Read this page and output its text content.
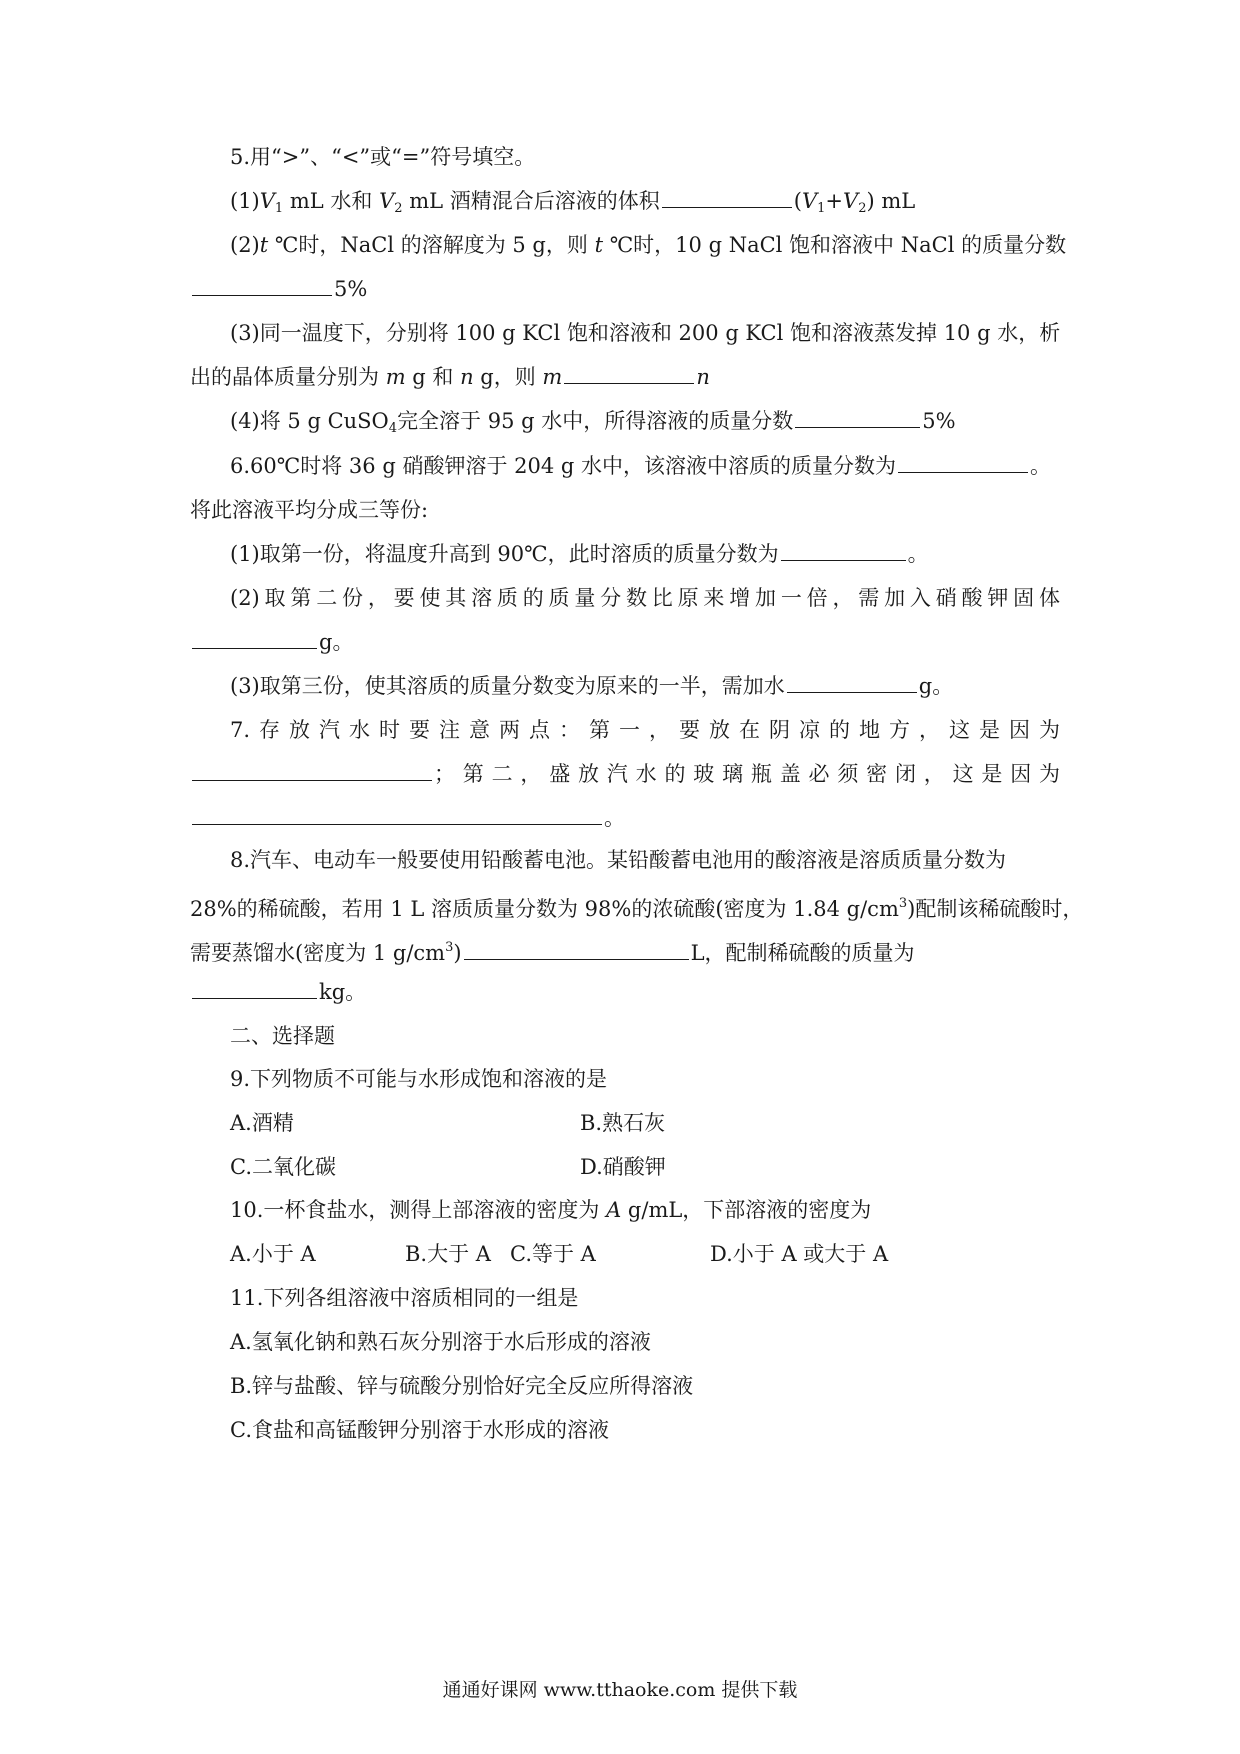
5.用“>”、“<”或“=”符号填空。
$(1)V_1$ mL 水和 $V_2$ mL 酒精混合后溶液的体积	$(V_1+V_2)$ mL
(2)t ℃时，NaCl 的溶解度为 5 g，则 t ℃时，10 g NaCl 饱和溶液中 NaCl 的质量分数
5%
(3)同一温度下，分别将 100 g KCl 饱和溶液和 200 g KCl 饱和溶液蒸发掉 10 g 水，析
出的晶体质量分别为 m g 和 n g，则 m	n
(4)将 5 g CuSO$_4$完全溶于 95 g 水中，所得溶液的质量分数	5%
6.60℃时将 36 g 硝酸钾溶于 204 g 水中，该溶液中溶质的质量分数为	。
将此溶液平均分成三等份:
(1)取第一份，将温度升高到 90℃，此时溶质的质量分数为	。
(2)取第二份，要使其溶质的质量分数比原来增加一倍，需加入硝酸钾固体
g。
(3)取第三份，使其溶质的质量分数变为原来的一半，需加水	g。
7.存放汽水时要注意两点：第一，要放在阴凉的地方，这是因为
；第二，盛放汽水的玻璃瓶盖必须密闭，这是因为
。
8.汽车、电动车一般要使用铅酸蓄电池。某铅酸蓄电池用的酸溶液是溶质质量分数为
28%的稀硫酸，若用 1 L 溶质质量分数为 98%的浓硫酸(密度为 1.84 $g/cm^3$)配制该稀硫酸时，
需要蒸馏水(密度为 1 $g/cm^3$)	L，配制稀硫酸的质量为
kg。
二、选择题
9.下列物质不可能与水形成饱和溶液的是
A.酒精	B.熟石灰
C.二氧化碳	D.硝酸钾
10.一杯食盐水，测得上部溶液的密度为 A g/mL，下部溶液的密度为
A.小于 A	B.大于 A C.等于 A	D.小于 A 或大于 A
11.下列各组溶液中溶质相同的一组是
A.氢氧化钠和熟石灰分别溶于水后形成的溶液
B.锌与盐酸、锌与硫酸分别恰好完全反应所得溶液
C.食盐和高锰酸钾分别溶于水形成的溶液
通通好课网 www.tthaoke.com 提供下载
